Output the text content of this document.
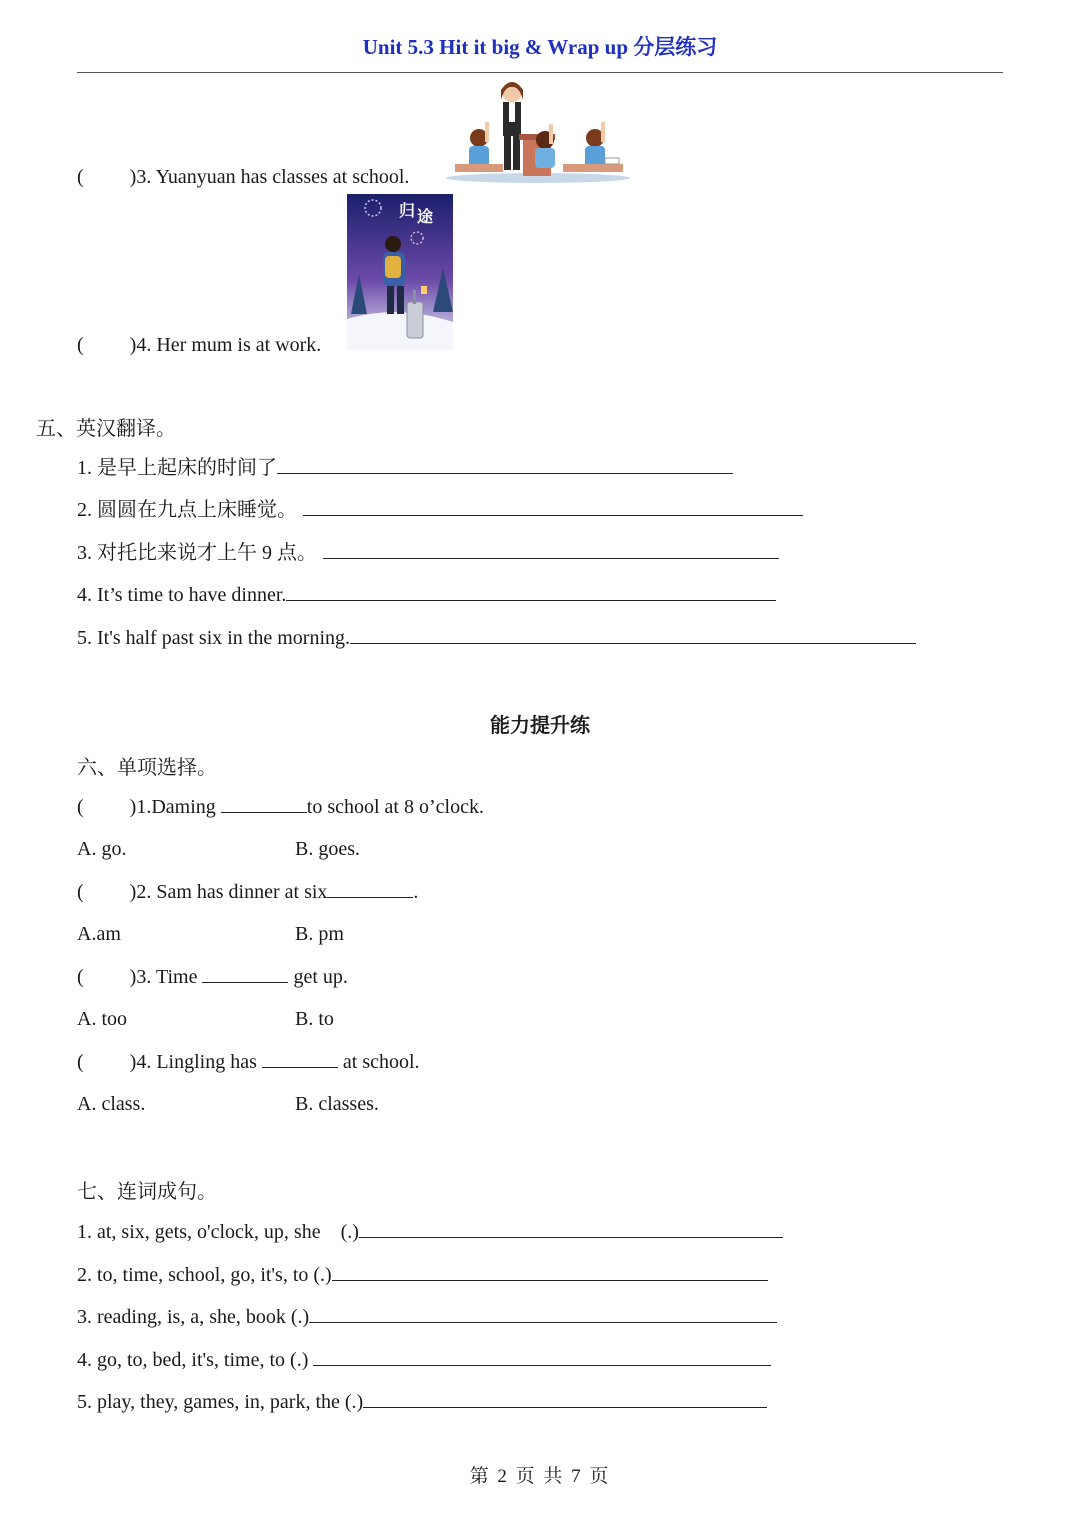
Unit 5.3 Hit it big & Wrap up 分层练习
( )3. Yuanyuan has classes at school.
( )4. Her mum is at work.
归 途
五、英汉翻译。
1. 是早上起床的时间了
2. 圆圆在九点上床睡觉。
3. 对托比来说才上午 9 点。
4. It’s time to have dinner.
5. It's half past six in the morning.
能力提升练
六、单项选择。
( )1.Daming	to school at 8 o’clock.
A. go.	B. goes.
( )2. Sam has dinner at six	.
A.am	B. pm
( )3. Time	get up.
A. too	B. to
( )4. Lingling has	at school.
A. class.	B. classes.
七、连词成句。
1. at, six, gets, o'clock, up, she    (.)
2. to, time, school, go, it's, to (.)
3. reading, is, a, she, book (.)
4. go, to, bed, it's, time, to (.)
5. play, they, games, in, park, the (.)
第 2 页 共 7 页
